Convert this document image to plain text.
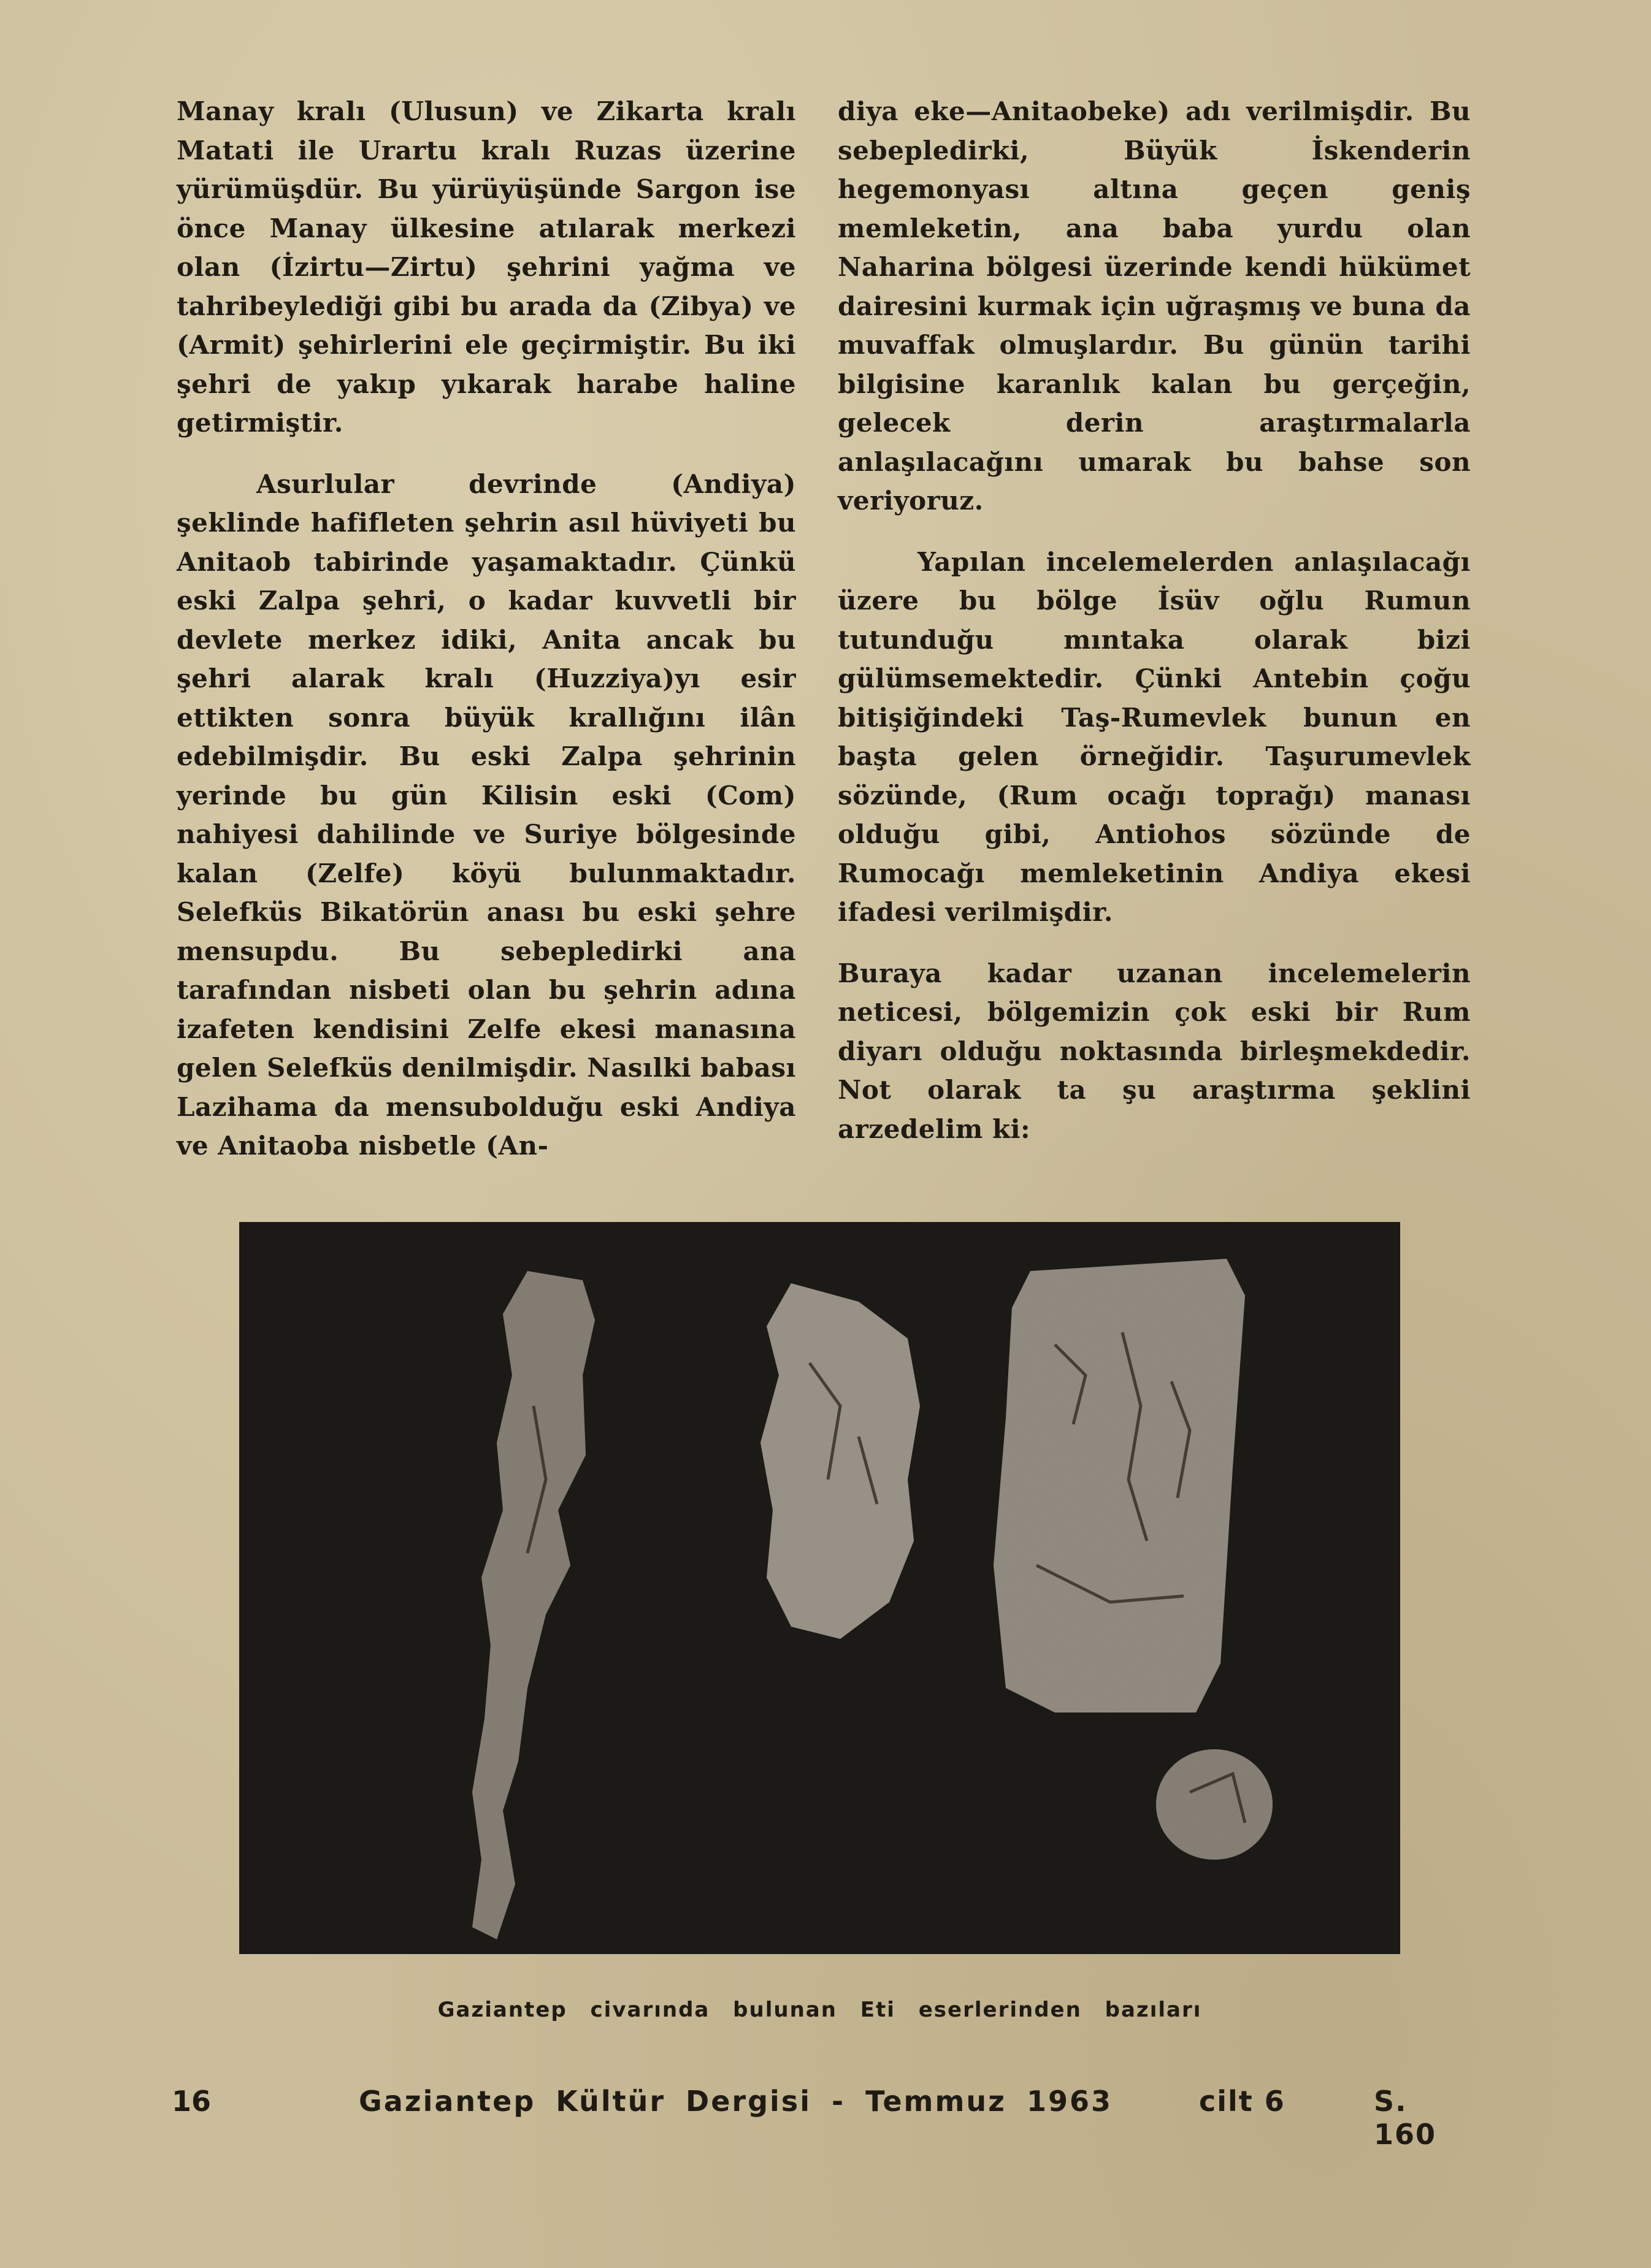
Manay kralı (Ulusun) ve Zikarta kralı Matati ile Urartu kralı Ruzas üzerine yürümüşdür. Bu yürüyüşünde Sargon ise önce Manay ülkesine atılarak merkezi olan (İzirtu—Zirtu) şehrini yağma ve tahribeylediği gibi bu arada da (Zibya) ve (Armit) şehirlerini ele geçirmiştir. Bu iki şehri de yakıp yıkarak harabe haline getirmiştir.

Asurlular devrinde (Andiya) şeklinde hafifleten şehrin asıl hüviyeti bu Anitaob tabirinde yaşamaktadır. Çünkü eski Zalpa şehri, o kadar kuvvetli bir devlete merkez idiki, Anita ancak bu şehri alarak kralı (Huzziya)yı esir ettikten sonra büyük krallığını ilân edebilmişdir. Bu eski Zalpa şehrinin yerinde bu gün Kilisin eski (Com) nahiyesi dahilinde ve Suriye bölgesinde kalan (Zelfe) köyü bulunmaktadır. Selefküs Bikatörün anası bu eski şehre mensupdu. Bu sebepledirki ana tarafından nisbeti olan bu şehrin adına izafeten kendisini Zelfe ekesi manasına gelen Selefküs denilmişdir. Nasılki babası Lazihama da mensubolduğu eski Andiya ve Anitaoba nisbetle (An-

diya eke—Anitaobeke) adı verilmişdir. Bu sebepledirki, Büyük İskenderin hegemonyası altına geçen geniş memleketin, ana baba yurdu olan Naharina bölgesi üzerinde kendi hükümet dairesini kurmak için uğraşmış ve buna da muvaffak olmuşlardır. Bu günün tarihi bilgisine karanlık kalan bu gerçeğin, gelecek derin araştırmalarla anlaşılacağını umarak bu bahse son veriyoruz.

Yapılan incelemelerden anlaşılacağı üzere bu bölge İsüv oğlu Rumun tutunduğu mıntaka olarak bizi gülümsemektedir. Çünki Antebin çoğu bitişiğindeki Taş-Rumevlek bunun en başta gelen örneğidir. Taşurumevlek sözünde, (Rum ocağı toprağı) manası olduğu gibi, Antiohos sözünde de Rumocağı memleketinin Andiya ekesi ifadesi verilmişdir.

Buraya kadar uzanan incelemelerin neticesi, bölgemizin çok eski bir Rum diyarı olduğu noktasında birleşmekdedir. Not olarak ta şu araştırma şeklini arzedelim ki:

Gaziantep civarında bulunan Eti eserlerinden bazıları
16	Gaziantep Kültür Dergisi - Temmuz 1963	cilt 6	S. 160
